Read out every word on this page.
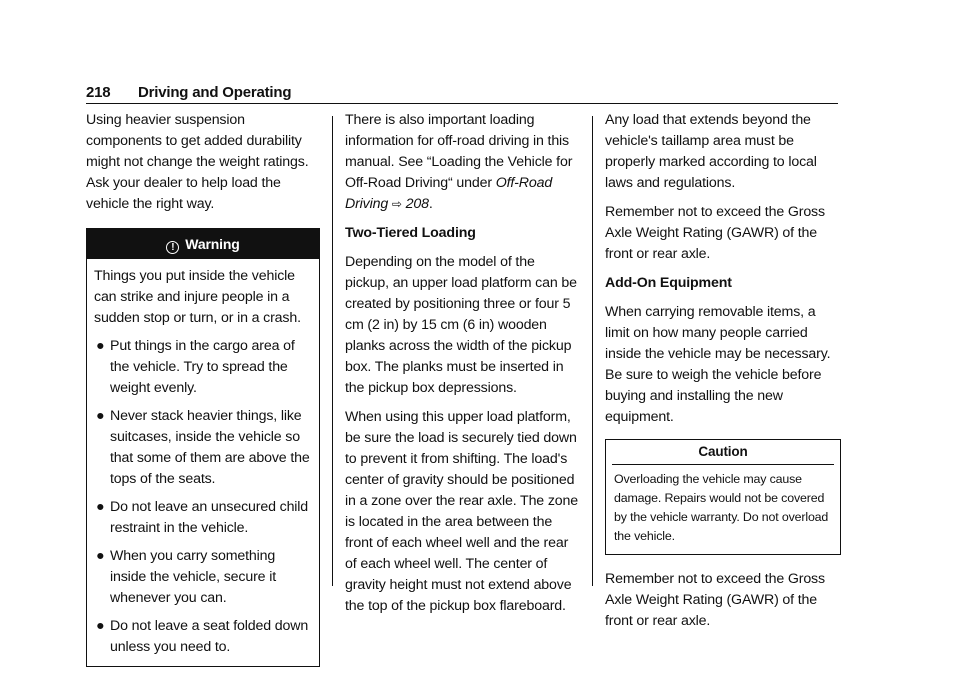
218 Driving and Operating

Using heavier suspension components to get added durability might not change the weight ratings. Ask your dealer to help load the vehicle the right way.

! Warning

Things you put inside the vehicle can strike and injure people in a sudden stop or turn, or in a crash.

● Put things in the cargo area of the vehicle. Try to spread the weight evenly.
● Never stack heavier things, like suitcases, inside the vehicle so that some of them are above the tops of the seats.
● Do not leave an unsecured child restraint in the vehicle.
● When you carry something inside the vehicle, secure it whenever you can.
● Do not leave a seat folded down unless you need to.

There is also important loading information for off-road driving in this manual. See “Loading the Vehicle for Off-Road Driving“ under Off-Road Driving ⇨ 208.

Two-Tiered Loading

Depending on the model of the pickup, an upper load platform can be created by positioning three or four 5 cm (2 in) by 15 cm (6 in) wooden planks across the width of the pickup box. The planks must be inserted in the pickup box depressions.

When using this upper load platform, be sure the load is securely tied down to prevent it from shifting. The load's center of gravity should be positioned in a zone over the rear axle. The zone is located in the area between the front of each wheel well and the rear of each wheel well. The center of gravity height must not extend above the top of the pickup box flareboard.

Any load that extends beyond the vehicle's taillamp area must be properly marked according to local laws and regulations.

Remember not to exceed the Gross Axle Weight Rating (GAWR) of the front or rear axle.

Add-On Equipment

When carrying removable items, a limit on how many people carried inside the vehicle may be necessary. Be sure to weigh the vehicle before buying and installing the new equipment.

Caution

Overloading the vehicle may cause damage. Repairs would not be covered by the vehicle warranty. Do not overload the vehicle.

Remember not to exceed the Gross Axle Weight Rating (GAWR) of the front or rear axle.
